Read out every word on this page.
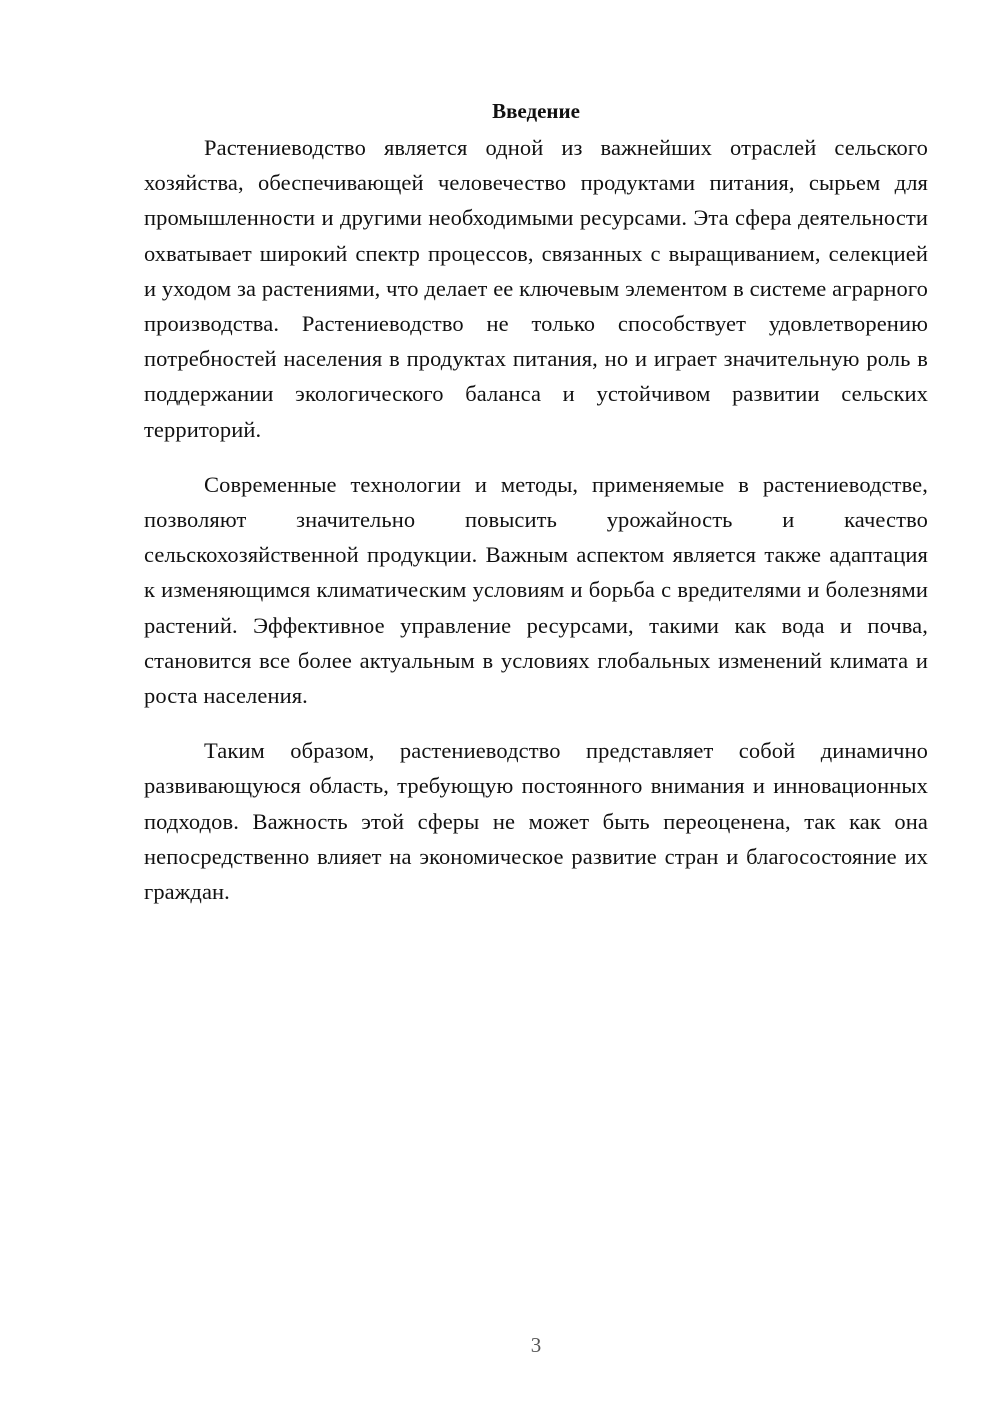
Введение

Растениеводство является одной из важнейших отраслей сельского хозяйства, обеспечивающей человечество продуктами питания, сырьем для промышленности и другими необходимыми ресурсами. Эта сфера деятельности охватывает широкий спектр процессов, связанных с выращиванием, селекцией и уходом за растениями, что делает ее ключевым элементом в системе аграрного производства. Растениеводство не только способствует удовлетворению потребностей населения в продуктах питания, но и играет значительную роль в поддержании экологического баланса и устойчивом развитии сельских территорий.

Современные технологии и методы, применяемые в растениеводстве, позволяют значительно повысить урожайность и качество сельскохозяйственной продукции. Важным аспектом является также адаптация к изменяющимся климатическим условиям и борьба с вредителями и болезнями растений. Эффективное управление ресурсами, такими как вода и почва, становится все более актуальным в условиях глобальных изменений климата и роста населения.

Таким образом, растениеводство представляет собой динамично развивающуюся область, требующую постоянного внимания и инновационных подходов. Важность этой сферы не может быть переоценена, так как она непосредственно влияет на экономическое развитие стран и благосостояние их граждан.

3
